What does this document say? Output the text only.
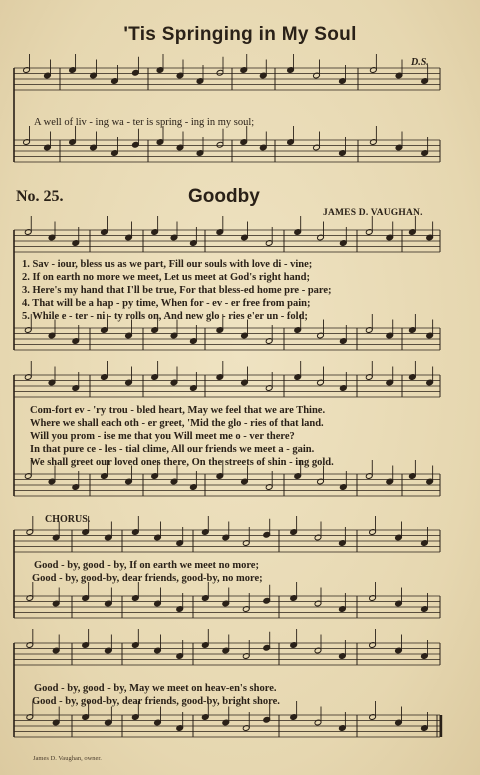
'Tis Springing in My Soul
D.S.
A well of liv - ing wa - ter is spring - ing in my soul;
No. 25.	Goodby
JAMES D. VAUGHAN.
1. Sav - iour, bless us as we part, Fill our souls with love di - vine;
2. If on earth no more we meet, Let us meet at God's right hand;
3. Here's my hand that I'll be true, For that bless-ed home pre - pare;
4. That will be a hap - py time, When for - ev - er free from pain;
5. While e - ter - ni - ty rolls on, And new glo - ries e'er un - fold;
Com-fort ev - 'ry trou - bled heart, May we feel that we are Thine.
Where we shall each oth - er greet, 'Mid the glo - ries of that land.
Will you prom - ise me that you Will meet me o - ver there?
In that pure ce - les - tial clime, All our friends we meet a - gain.
We shall greet our loved ones there, On the streets of shin - ing gold.
CHORUS.
Good - by, good - by, If on earth we meet no more;
Good - by, good-by, dear friends, good-by, no more;
Good - by, good - by, May we meet on heav-en's shore.
Good - by, good-by, dear friends, good-by, bright shore.
James D. Vaughan, owner.
